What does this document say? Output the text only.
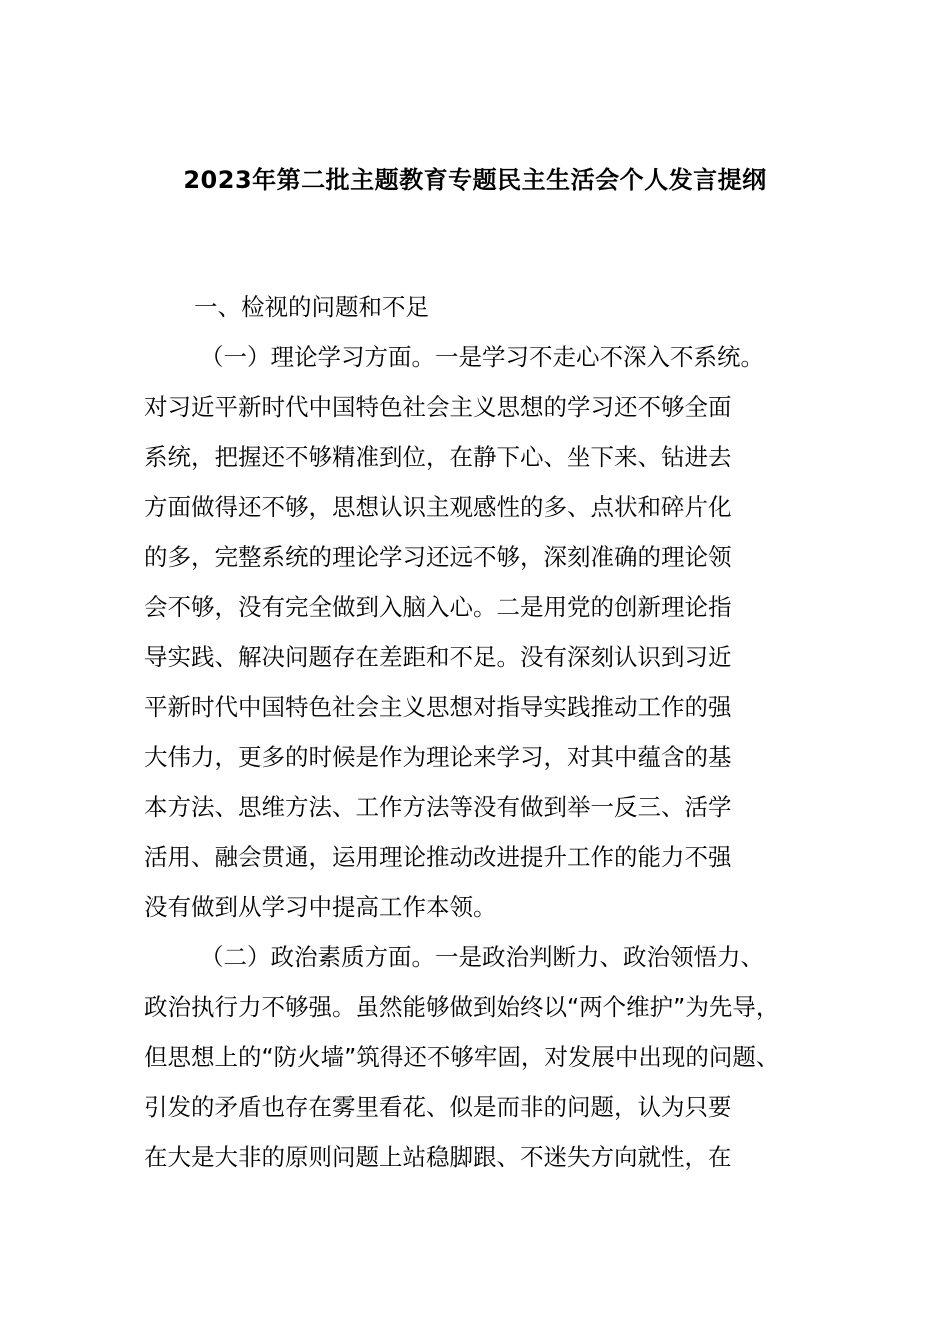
2023年第二批主题教育专题民主生活会个人发言提纲
一、检视的问题和不足
（一）理论学习方面。一是学习不走心不深入不系统。
对习近平新时代中国特色社会主义思想的学习还不够全面
系统，把握还不够精准到位，在静下心、坐下来、钻进去
方面做得还不够，思想认识主观感性的多、点状和碎片化
的多，完整系统的理论学习还远不够，深刻准确的理论领
会不够，没有完全做到入脑入心。二是用党的创新理论指
导实践、解决问题存在差距和不足。没有深刻认识到习近
平新时代中国特色社会主义思想对指导实践推动工作的强
大伟力，更多的时候是作为理论来学习，对其中蕴含的基
本方法、思维方法、工作方法等没有做到举一反三、活学
活用、融会贯通，运用理论推动改进提升工作的能力不强
没有做到从学习中提高工作本领。
（二）政治素质方面。一是政治判断力、政治领悟力、
政治执行力不够强。虽然能够做到始终以“两个维护”为先导，
但思想上的“防火墙”筑得还不够牢固，对发展中出现的问题、
引发的矛盾也存在雾里看花、似是而非的问题，认为只要
在大是大非的原则问题上站稳脚跟、不迷失方向就性，在
